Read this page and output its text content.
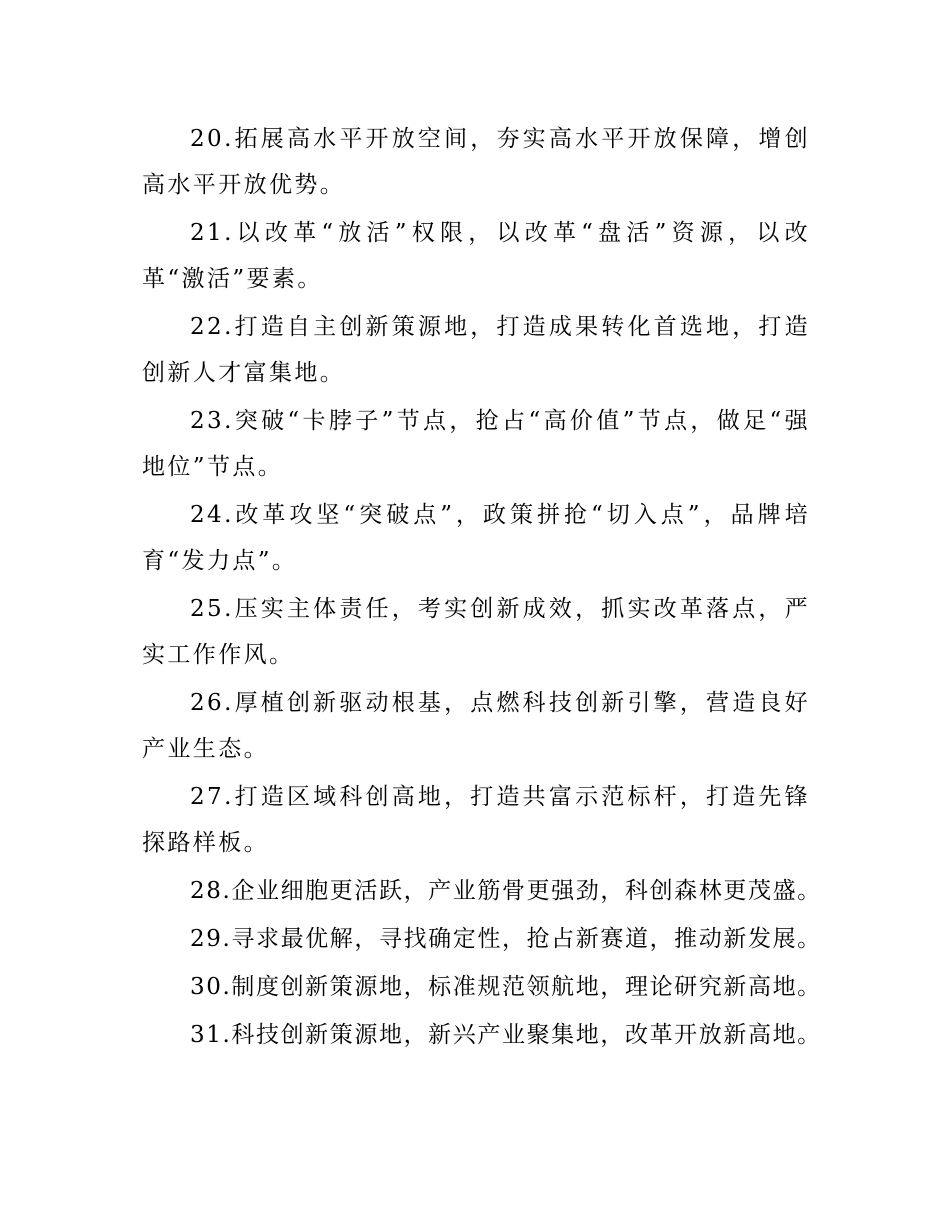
20.拓展高水平开放空间，夯实高水平开放保障，增创高水平开放优势。

21.以改革“放活”权限，以改革“盘活”资源，以改革“激活”要素。

22.打造自主创新策源地，打造成果转化首选地，打造创新人才富集地。

23.突破“卡脖子”节点，抢占“高价值”节点，做足“强地位”节点。

24.改革攻坚“突破点”，政策拼抢“切入点”，品牌培育“发力点”。

25.压实主体责任，考实创新成效，抓实改革落点，严实工作作风。

26.厚植创新驱动根基，点燃科技创新引擎，营造良好产业生态。

27.打造区域科创高地，打造共富示范标杆，打造先锋探路样板。

28.企业细胞更活跃，产业筋骨更强劲，科创森林更茂盛。

29.寻求最优解，寻找确定性，抢占新赛道，推动新发展。

30.制度创新策源地，标准规范领航地，理论研究新高地。

31.科技创新策源地，新兴产业聚集地，改革开放新高地。
